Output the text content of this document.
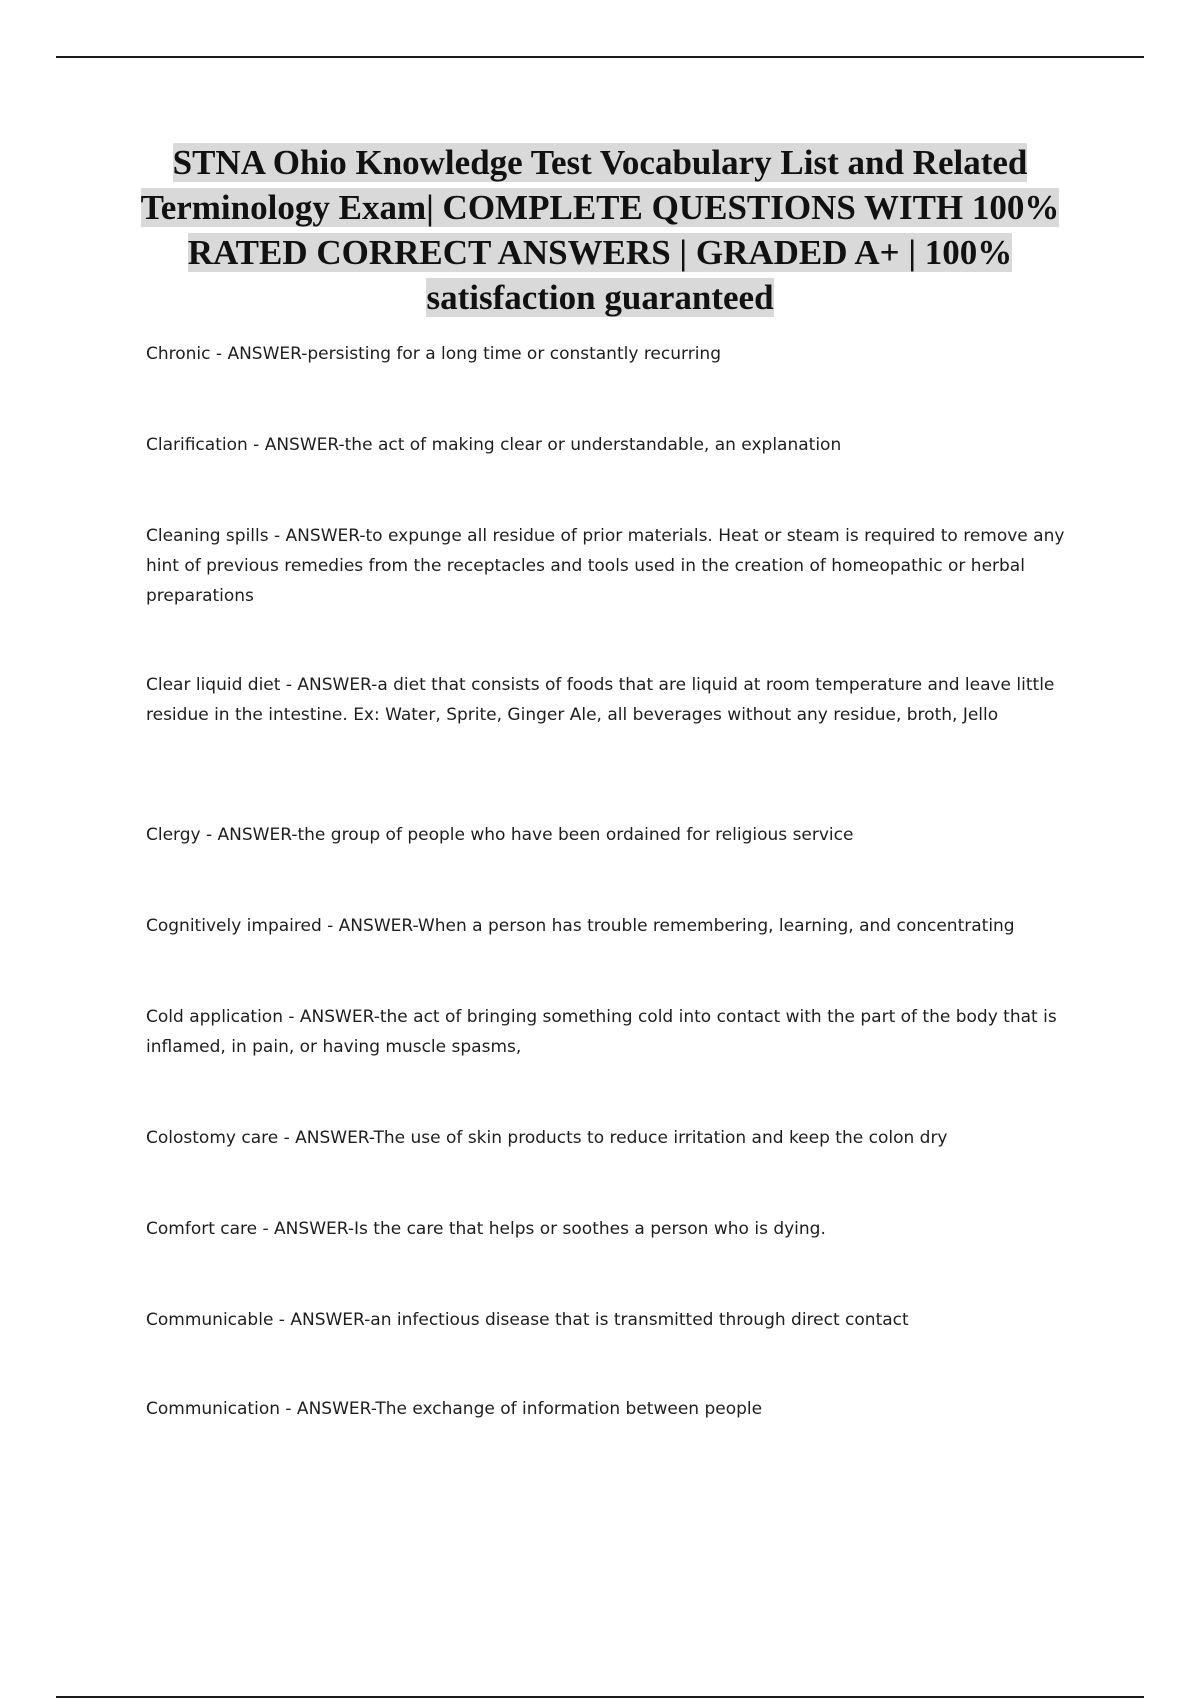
STNA Ohio Knowledge Test Vocabulary List and Related Terminology Exam| COMPLETE QUESTIONS WITH 100% RATED CORRECT ANSWERS | GRADED A+ | 100% satisfaction guaranteed

Chronic - ANSWER-persisting for a long time or constantly recurring

Clarification - ANSWER-the act of making clear or understandable, an explanation

Cleaning spills - ANSWER-to expunge all residue of prior materials. Heat or steam is required to remove any hint of previous remedies from the receptacles and tools used in the creation of homeopathic or herbal preparations

Clear liquid diet - ANSWER-a diet that consists of foods that are liquid at room temperature and leave little residue in the intestine. Ex: Water, Sprite, Ginger Ale, all beverages without any residue, broth, Jello

Clergy - ANSWER-the group of people who have been ordained for religious service

Cognitively impaired - ANSWER-When a person has trouble remembering, learning, and concentrating

Cold application - ANSWER-the act of bringing something cold into contact with the part of the body that is inflamed, in pain, or having muscle spasms,

Colostomy care - ANSWER-The use of skin products to reduce irritation and keep the colon dry

Comfort care - ANSWER-Is the care that helps or soothes a person who is dying.

Communicable - ANSWER-an infectious disease that is transmitted through direct contact

Communication - ANSWER-The exchange of information between people
